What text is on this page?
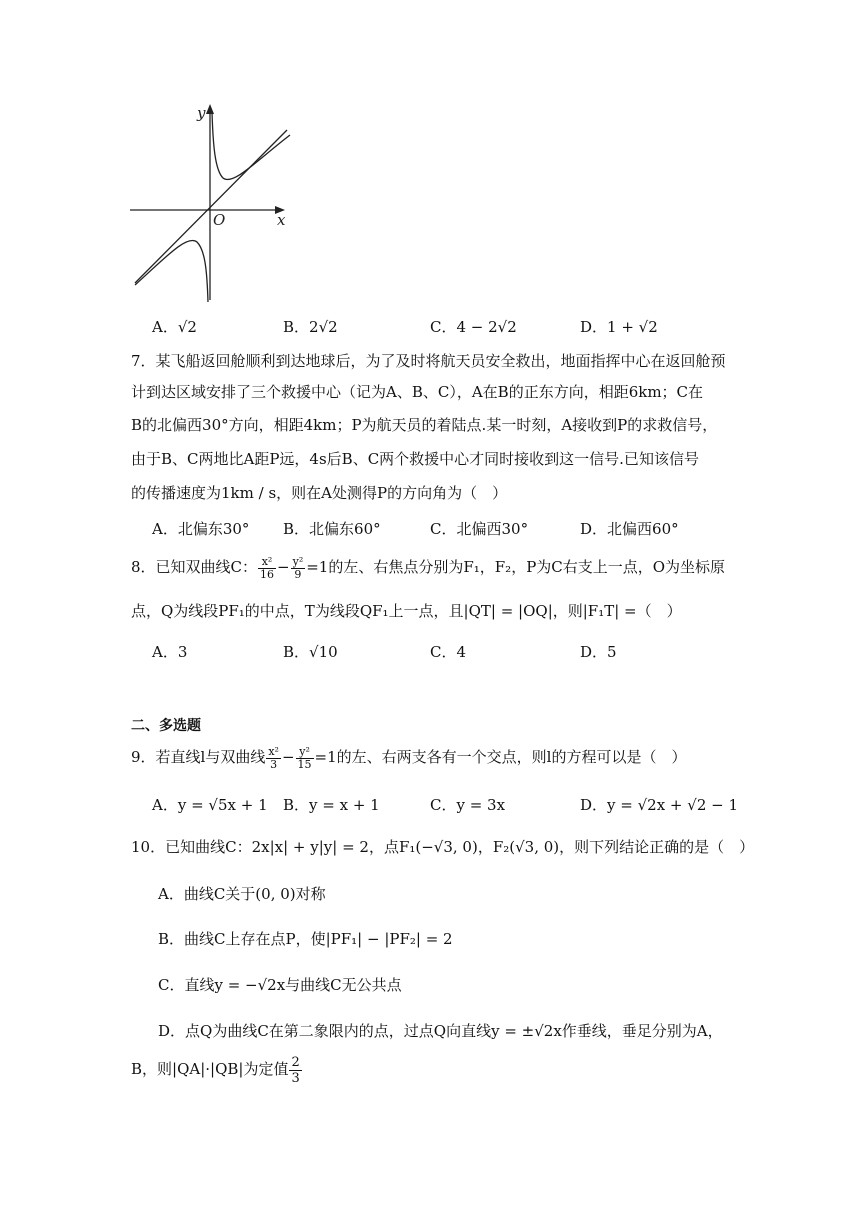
y
x
O
A．√2	B．2√2	C．4 − 2√2	D．1 + √2
7．某飞船返回舱顺利到达地球后，为了及时将航天员安全救出，地面指挥中心在返回舱预
计到达区域安排了三个救援中心（记为A、B、C），A在B的正东方向，相距6km；C在
B的北偏西30°方向，相距4km；P为航天员的着陆点.某一时刻，A接收到P的求救信号，
由于B、C两地比A距P远，4s后B、C两个救援中心才同时接收到这一信号.已知该信号
的传播速度为1km / s，则在A处测得P的方向角为（　）
A．北偏东30° B．北偏东60°	C．北偏西30°	D．北偏西60°
8．已知双曲线C： $\frac{\text{x²}}{16} - \frac{\text{y²}}{9} =1$的左、右焦点分别为F₁，F₂，P为C右支上一点，O为坐标原
点，Q为线段PF₁的中点，T为线段QF₁上一点，且|QT| = |OQ|，则|F₁T| =（　）
A．3	B．√10	C．4	D．5
二、多选题
9．若直线l与双曲线 $\frac{\text{x²}}{3} - \frac{\text{y²}}{15} =1$的左、右两支各有一个交点，则l的方程可以是（　）
A．y = √5x + 1 B．y = x + 1	C．y = 3x	D．y = √2x + √2 − 1
10．已知曲线C：2x|x| + y|y| = 2，点F₁(−√3, 0)，F₂(√3, 0)，则下列结论正确的是（　）
A．曲线C关于(0, 0)对称
B．曲线C上存在点P，使|PF₁| − |PF₂| = 2
C．直线y = −√2x与曲线C无公共点
D．点Q为曲线C在第二象限内的点，过点Q向直线y = ±√2x作垂线，垂足分别为A，
B，则|QA|·|QB|为定值 $\frac{2}{3}$
